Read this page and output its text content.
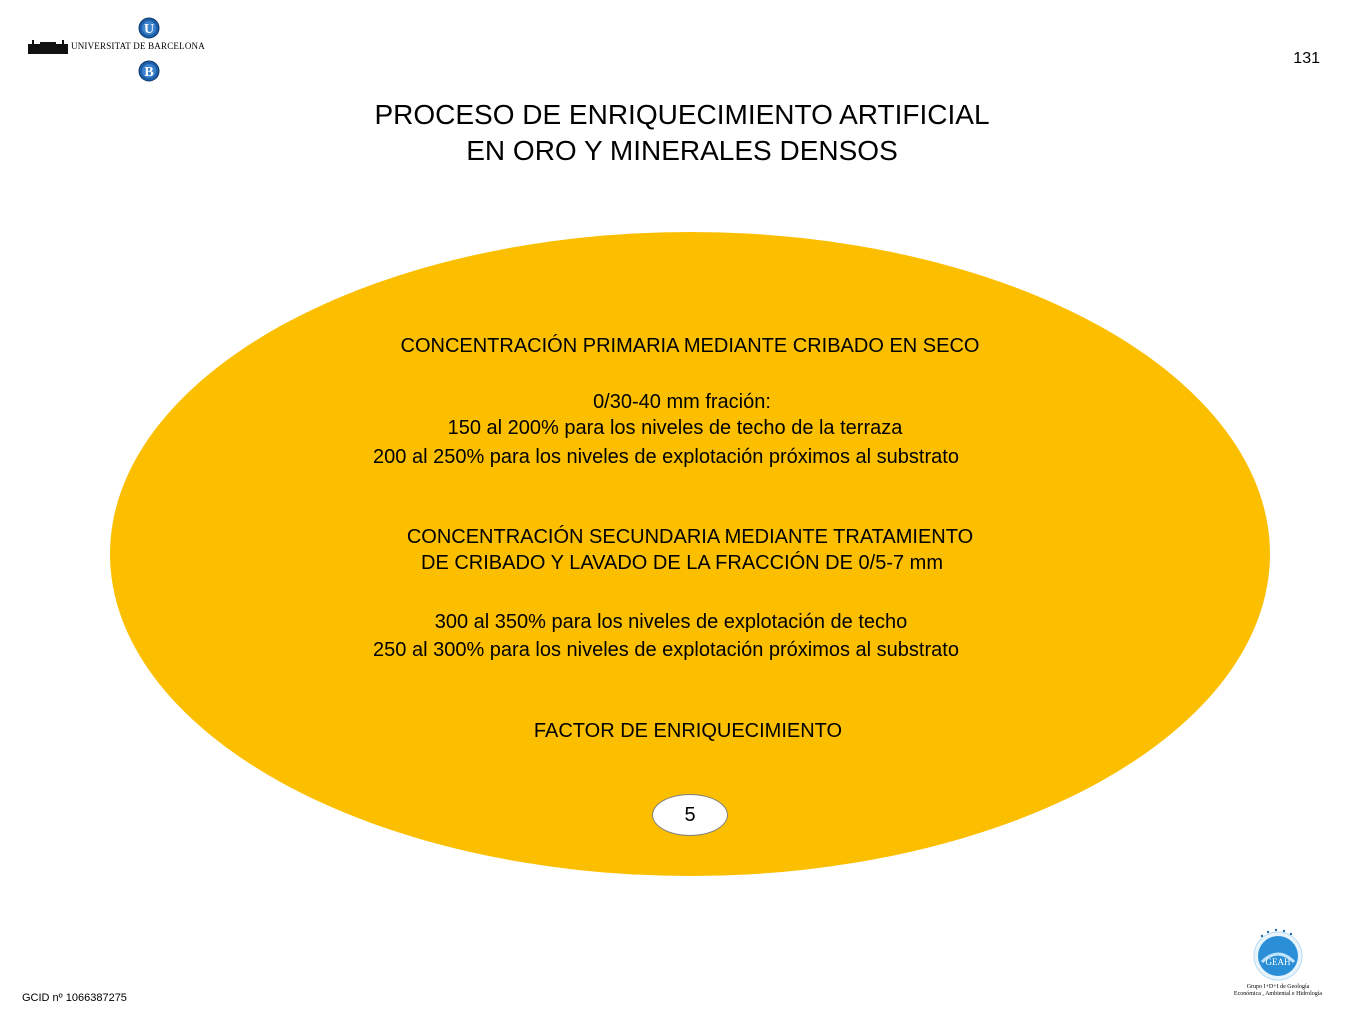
U
B
UNIVERSITAT DE BARCELONA
131
PROCESO DE ENRIQUECIMIENTO ARTIFICIAL
EN ORO Y MINERALES DENSOS
CONCENTRACIÓN PRIMARIA MEDIANTE CRIBADO EN SECO
0/30-40 mm fración:
150 al 200% para los niveles de techo de la terraza
200 al 250% para los niveles de explotación próximos al substrato
CONCENTRACIÓN SECUNDARIA MEDIANTE TRATAMIENTO
DE CRIBADO Y LAVADO DE LA FRACCIÓN DE 0/5-7 mm
300 al 350% para los niveles de explotación de techo
250 al 300% para los niveles de explotación próximos al substrato
FACTOR DE ENRIQUECIMIENTO
5
GCID nº 1066387275
GEAH
Grupo I+D+I de Geología
Económica , Ambiental e Hidrología
